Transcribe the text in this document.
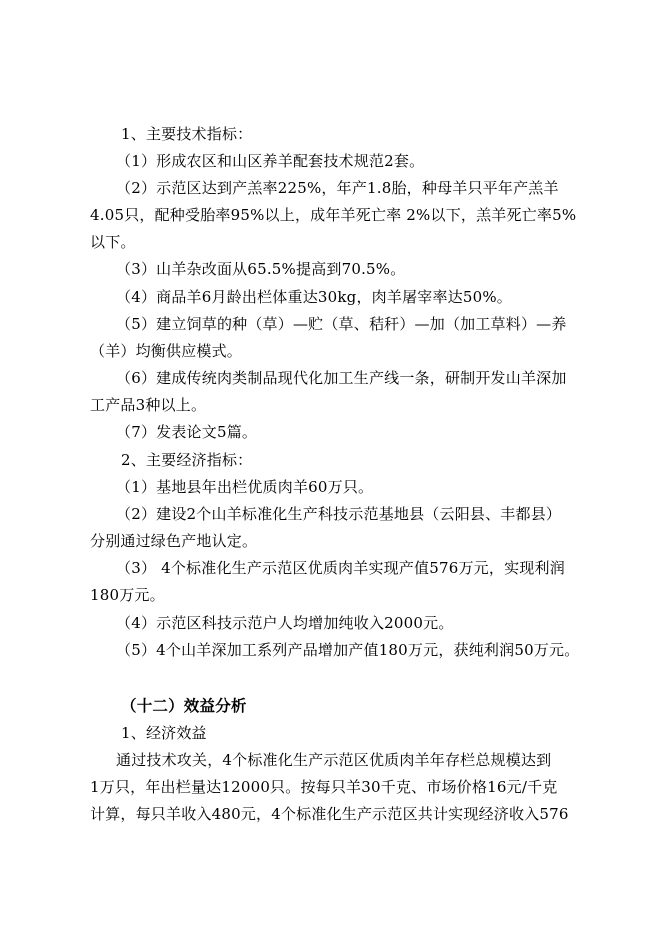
1、主要技术指标：
（1）形成农区和山区养羊配套技术规范2套。
（2）示范区达到产羔率225%，年产1.8胎，种母羊只平年产羔羊
4.05只，配种受胎率95%以上，成年羊死亡率 2%以下，羔羊死亡率5%
以下。
（3）山羊杂改面从65.5%提高到70.5%。
（4）商品羊6月龄出栏体重达30kg，肉羊屠宰率达50%。
（5）建立饲草的种（草）—贮（草、秸秆）—加（加工草料）—养
（羊）均衡供应模式。
（6）建成传统肉类制品现代化加工生产线一条，研制开发山羊深加
工产品3种以上。
（7）发表论文5篇。
2、主要经济指标：
（1）基地县年出栏优质肉羊60万只。
（2）建设2个山羊标准化生产科技示范基地县（云阳县、丰都县）
分别通过绿色产地认定。
（3） 4个标准化生产示范区优质肉羊实现产值576万元，实现利润
180万元。
（4）示范区科技示范户人均增加纯收入2000元。
（5）4个山羊深加工系列产品增加产值180万元，获纯利润50万元。
（十二）效益分析
1、经济效益
通过技术攻关，4个标准化生产示范区优质肉羊年存栏总规模达到
1万只，年出栏量达12000只。按每只羊30千克、市场价格16元/千克
计算，每只羊收入480元，4个标准化生产示范区共计实现经济收入576
